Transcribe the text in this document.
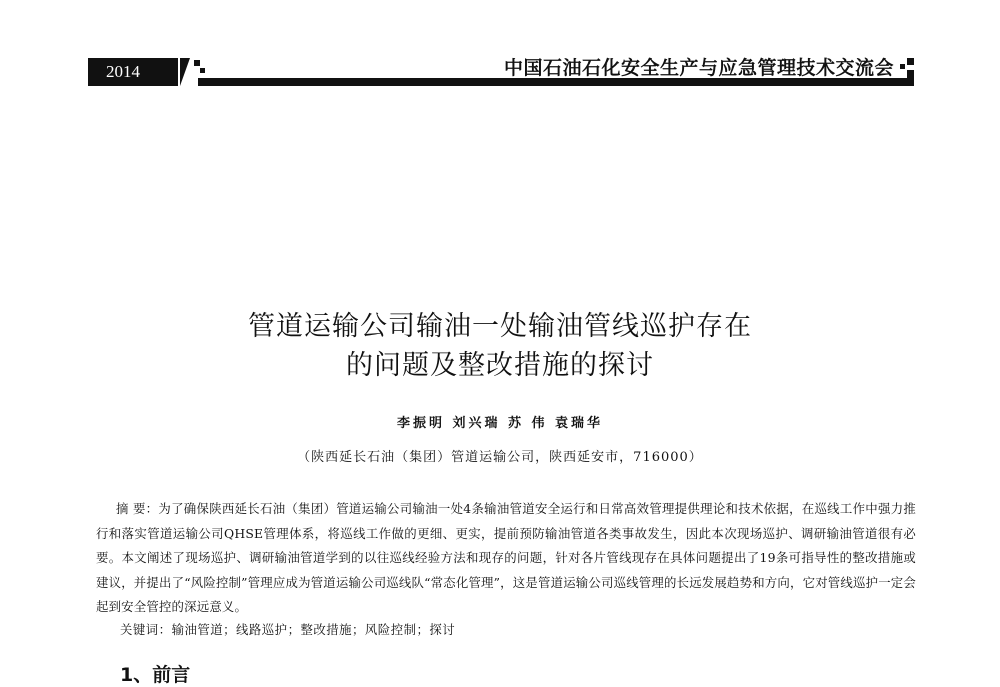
2014	中国石油石化安全生产与应急管理技术交流会
管道运输公司输油一处输油管线巡护存在
的问题及整改措施的探讨
李振明 刘兴瑞 苏 伟 袁瑞华
（陕西延长石油（集团）管道运输公司，陕西延安市，716000）
摘 要：为了确保陕西延长石油（集团）管道运输公司输油一处4条输油管道安全运行和日常高效管理提供理论和技术依据，在巡线工作中强力推行和落实管道运输公司QHSE管理体系，将巡线工作做的更细、更实，提前预防输油管道各类事故发生，因此本次现场巡护、调研输油管道很有必要。本文阐述了现场巡护、调研输油管道学到的以往巡线经验方法和现存的问题，针对各片管线现存在具体问题提出了19条可指导性的整改措施或建议，并提出了“风险控制”管理应成为管道运输公司巡线队“常态化管理”，这是管道运输公司巡线管理的长远发展趋势和方向，它对管线巡护一定会起到安全管控的深远意义。
关键词：输油管道；线路巡护；整改措施；风险控制；探讨
1、前言
